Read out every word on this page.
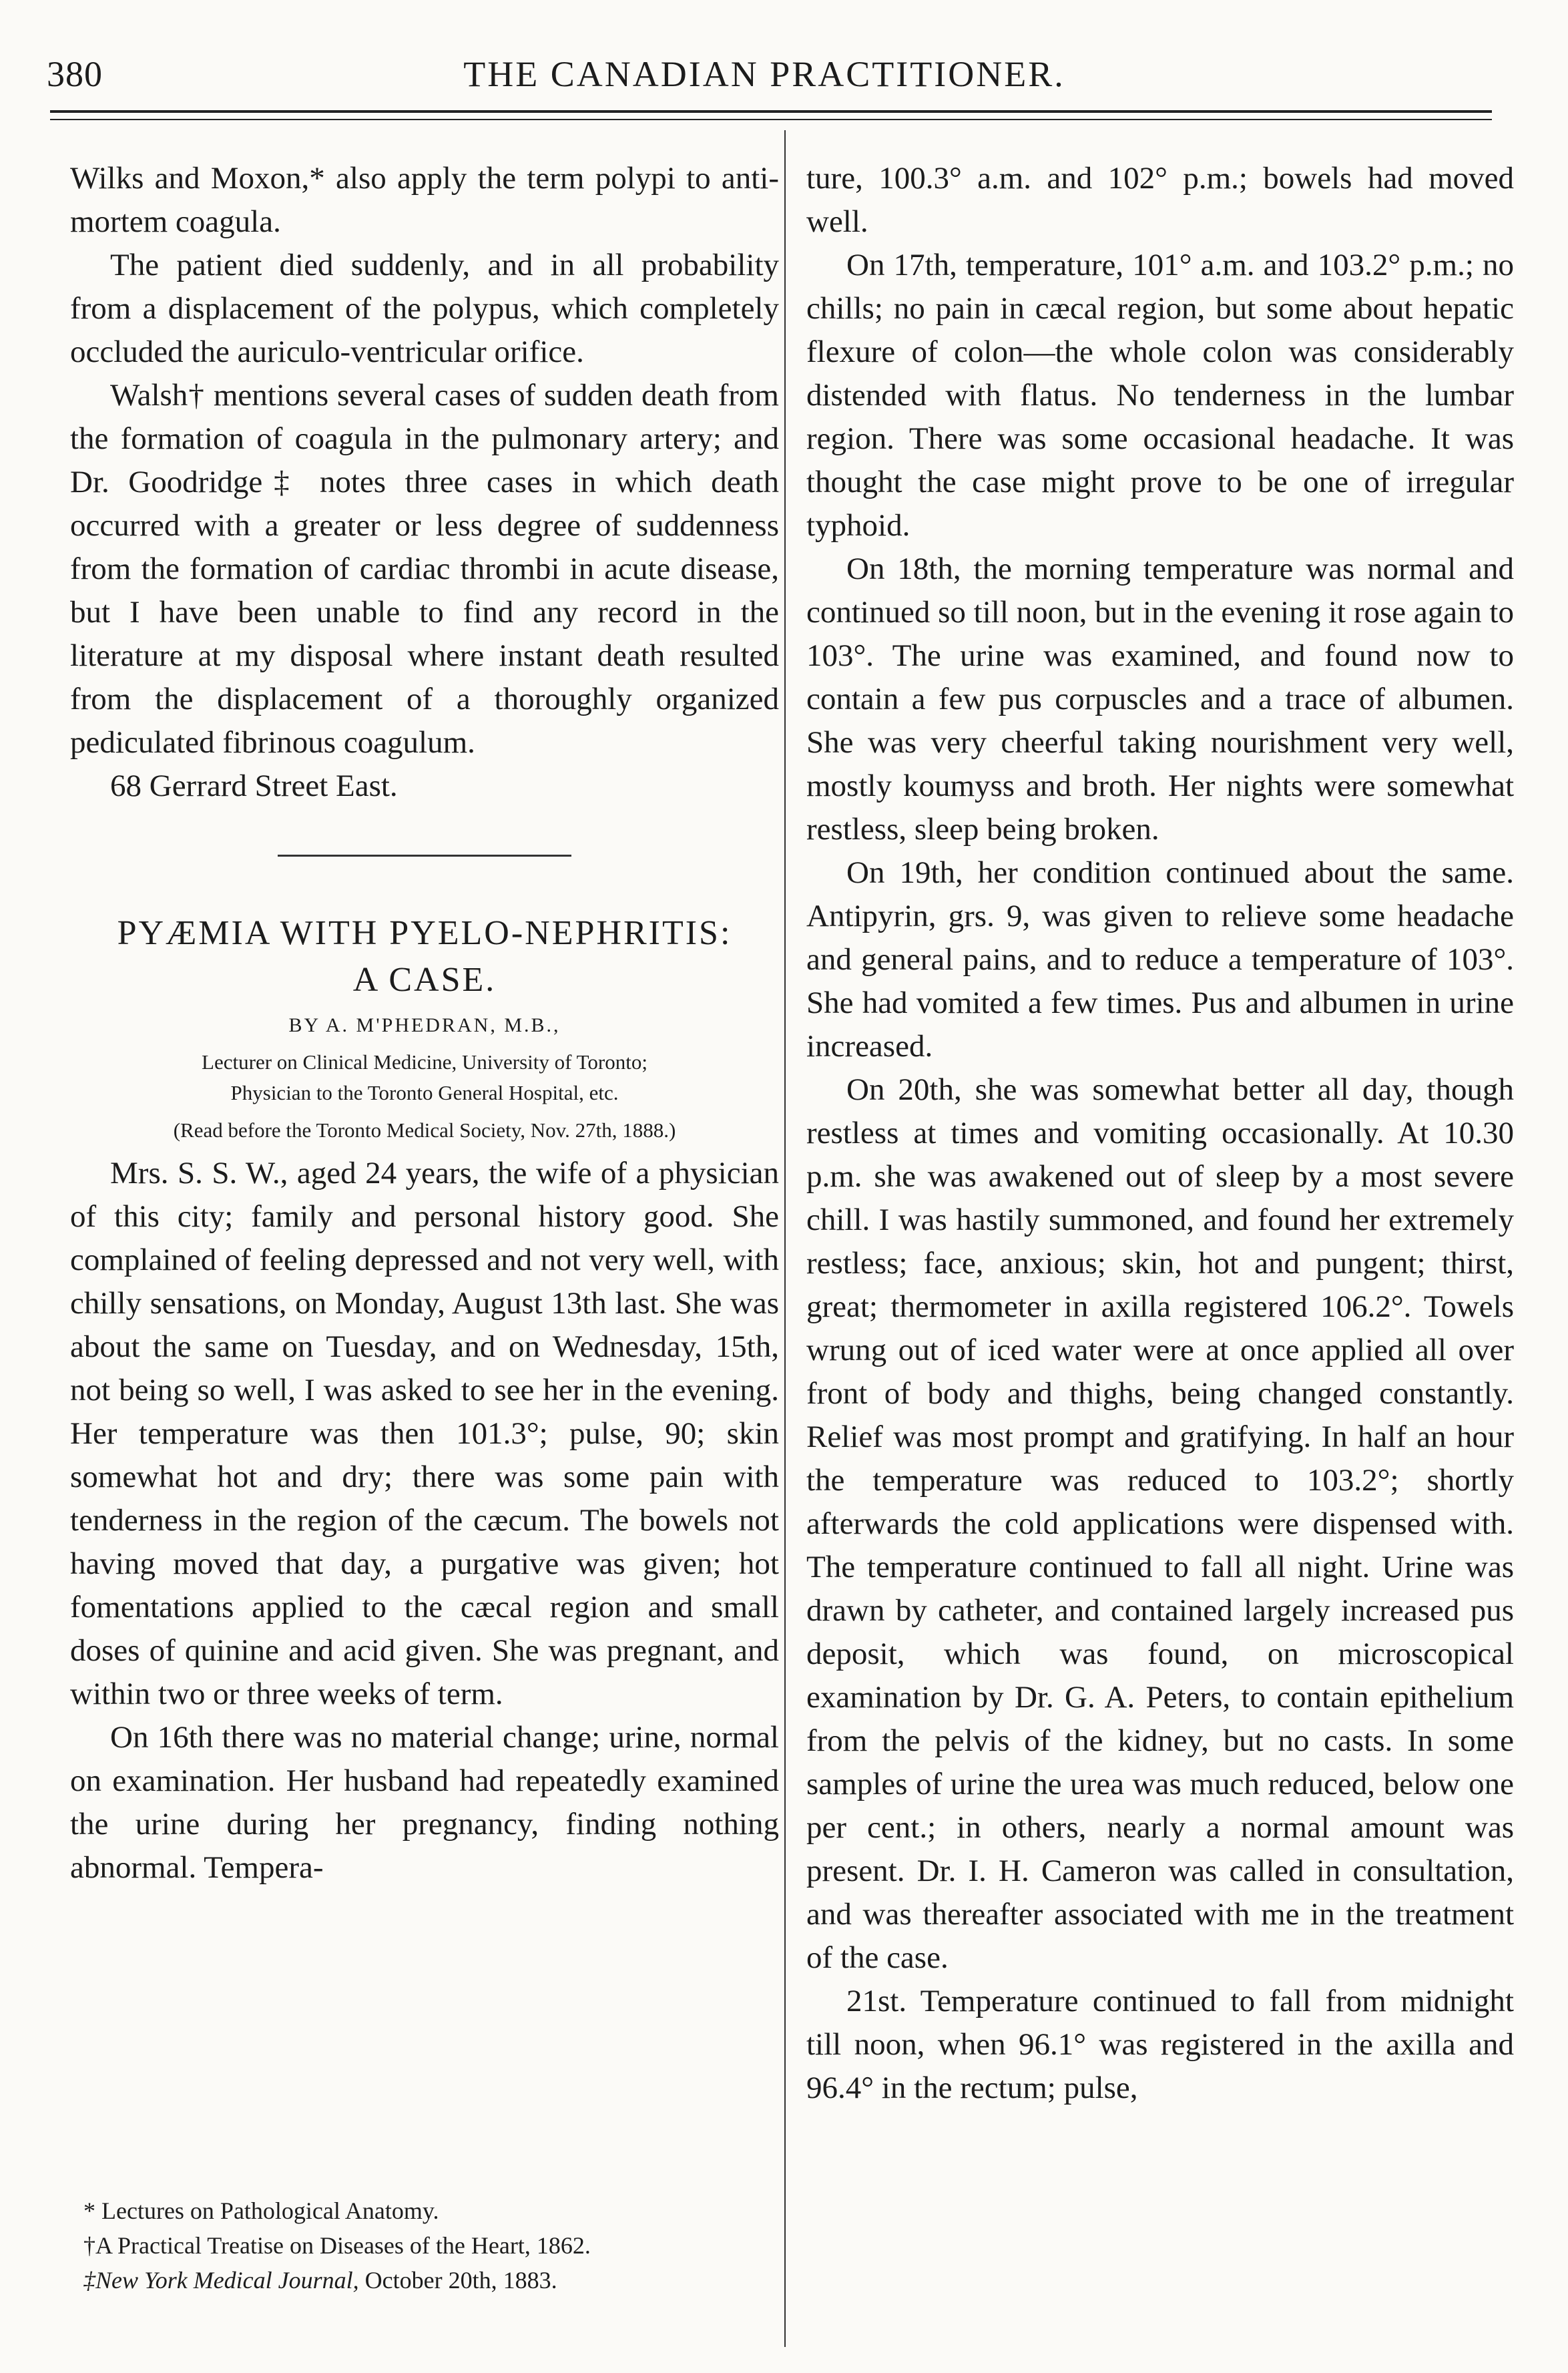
380	THE CANADIAN PRACTITIONER.

Wilks and Moxon,* also apply the term polypi to anti-mortem coagula.

The patient died suddenly, and in all probability from a displacement of the polypus, which completely occluded the auriculo-ventricular orifice.

Walsh† mentions several cases of sudden death from the formation of coagula in the pulmonary artery; and Dr. Goodridge‡ notes three cases in which death occurred with a greater or less degree of suddenness from the formation of cardiac thrombi in acute disease, but I have been unable to find any record in the literature at my disposal where instant death resulted from the displacement of a thoroughly organized pediculated fibrinous coagulum.

68 Gerrard Street East.

PYÆMIA WITH PYELO-NEPHRITIS:

A CASE.

BY A. M'PHEDRAN, M.B.,

Lecturer on Clinical Medicine, University of Toronto;

Physician to the Toronto General Hospital, etc.

(Read before the Toronto Medical Society, Nov. 27th, 1888.)

Mrs. S. S. W., aged 24 years, the wife of a physician of this city; family and personal history good. She complained of feeling depressed and not very well, with chilly sensations, on Monday, August 13th last. She was about the same on Tuesday, and on Wednesday, 15th, not being so well, I was asked to see her in the evening. Her temperature was then 101.3°; pulse, 90; skin somewhat hot and dry; there was some pain with tenderness in the region of the cæcum. The bowels not having moved that day, a purgative was given; hot fomentations applied to the cæcal region and small doses of quinine and acid given. She was pregnant, and within two or three weeks of term.

On 16th there was no material change; urine, normal on examination. Her husband had repeatedly examined the urine during her pregnancy, finding nothing abnormal. Tempera-

* Lectures on Pathological Anatomy.
†A Practical Treatise on Diseases of the Heart, 1862.
‡New York Medical Journal, October 20th, 1883.

ture, 100.3° a.m. and 102° p.m.; bowels had moved well.

On 17th, temperature, 101° a.m. and 103.2° p.m.; no chills; no pain in cæcal region, but some about hepatic flexure of colon—the whole colon was considerably distended with flatus. No tenderness in the lumbar region. There was some occasional headache. It was thought the case might prove to be one of irregular typhoid.

On 18th, the morning temperature was normal and continued so till noon, but in the evening it rose again to 103°. The urine was examined, and found now to contain a few pus corpuscles and a trace of albumen. She was very cheerful taking nourishment very well, mostly koumyss and broth. Her nights were somewhat restless, sleep being broken.

On 19th, her condition continued about the same. Antipyrin, grs. 9, was given to relieve some headache and general pains, and to reduce a temperature of 103°. She had vomited a few times. Pus and albumen in urine increased.

On 20th, she was somewhat better all day, though restless at times and vomiting occasionally. At 10.30 p.m. she was awakened out of sleep by a most severe chill. I was hastily summoned, and found her extremely restless; face, anxious; skin, hot and pungent; thirst, great; thermometer in axilla registered 106.2°. Towels wrung out of iced water were at once applied all over front of body and thighs, being changed constantly. Relief was most prompt and gratifying. In half an hour the temperature was reduced to 103.2°; shortly afterwards the cold applications were dispensed with. The temperature continued to fall all night. Urine was drawn by catheter, and contained largely increased pus deposit, which was found, on microscopical examination by Dr. G. A. Peters, to contain epithelium from the pelvis of the kidney, but no casts. In some samples of urine the urea was much reduced, below one per cent.; in others, nearly a normal amount was present. Dr. I. H. Cameron was called in consultation, and was thereafter associated with me in the treatment of the case.

21st. Temperature continued to fall from midnight till noon, when 96.1° was registered in the axilla and 96.4° in the rectum; pulse,
